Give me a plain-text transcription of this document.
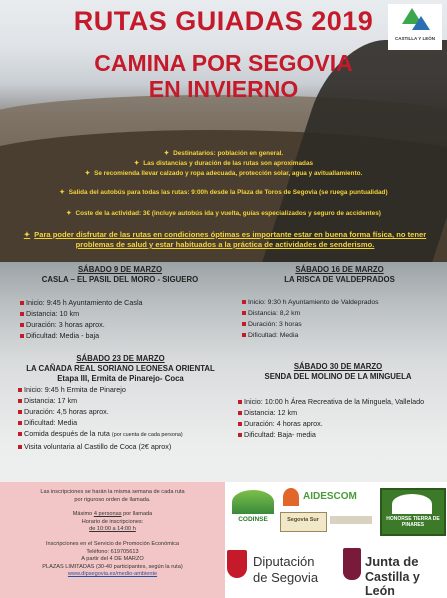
RUTAS GUIADAS 2019
CAMINA POR SEGOVIA
EN INVIERNO
CASTILLA Y LEÓN
✦ Destinatarios: población en general.
✦ Las distancias y duración de las rutas son aproximadas
✦ Se recomienda llevar calzado y ropa adecuada, protección solar, agua y avituallamiento.
✦ Salida del autobús para todas las rutas: 9:00h desde la Plaza de Toros de Segovia (se ruega puntualidad)
✦ Coste de la actividad: 3€ (incluye autobús ida y vuelta, guías especializados y seguro de accidentes)
✦ Para poder disfrutar de las rutas en condiciones óptimas es importante estar en buena forma física, no tener problemas de salud y estar habituados a la práctica de actividades de senderismo.
SÁBADO 9 DE MARZO
CASLA – EL PASIL DEL MORO - SIGUERO
Inicio: 9:45 h Ayuntamiento de Casla
Distancia: 10 km
Duración: 3 horas aprox.
Dificultad: Media - baja
SÁBADO 16 DE MARZO
LA RISCA DE VALDEPRADOS
Inicio: 9:30 h Ayuntamiento de Valdeprados
Distancia: 8,2 km
Duración: 3 horas
Dificultad: Media
SÁBADO 23 DE MARZO
LA CAÑADA REAL SORIANO LEONESA ORIENTAL
Etapa III, Ermita de Pinarejo- Coca
Inicio: 9:45 h Ermita de Pinarejo
Distancia: 17 km
Duración: 4,5 horas aprox.
Dificultad: Media
Comida después de la ruta (por cuenta de cada persona)
Visita voluntaria al Castillo de Coca (2€ aprox)
SÁBADO 30 DE MARZO
SENDA DEL MOLINO DE LA MINGUELA
Inicio: 10:00 h Área Recreativa de la Minguela, Vallelado
Distancia: 12 km
Duración: 4 horas aprox.
Dificultad: Baja- media

Las inscripciones se harán la misma semana de cada ruta

por riguroso orden de llamada.

Máximo 4 personas por llamada

Horario de inscripciones:

de 10:00 a 14:00 h

Inscripciones en el Servicio de Promoción Económica

Teléfono: 619705613

A partir del 4 DE MARZO

PLAZAS LIMITADAS (30-40 participantes, según la ruta)

www.dipsegovia.es/medio-ambiente

CODINSE
AIDESCOM
Segovia Sur	HONORSE TIERRA DE PINARES
Diputación
de Segovia
Junta de
Castilla y León
